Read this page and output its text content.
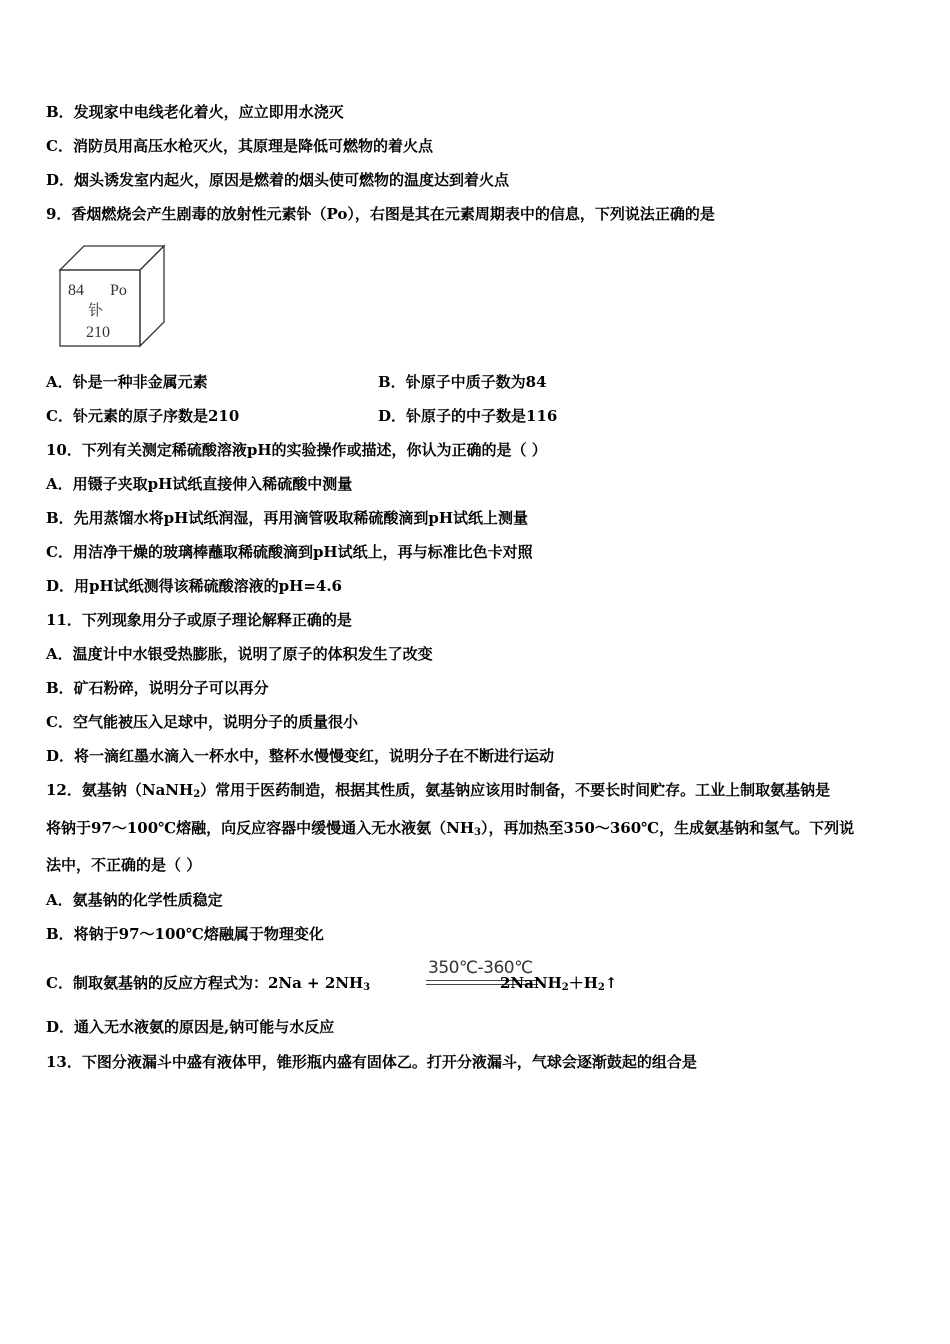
B．发现家中电线老化着火，应立即用水浇灭
C．消防员用高压水枪灭火，其原理是降低可燃物的着火点
D．烟头诱发室内起火，原因是燃着的烟头使可燃物的温度达到着火点
9．香烟燃烧会产生剧毒的放射性元素钋（Po），右图是其在元素周期表中的信息，下列说法正确的是
84 Po
钋
210
A．钋是一种非金属元素	B．钋原子中质子数为84
C．钋元素的原子序数是210	D．钋原子的中子数是116
10．下列有关测定稀硫酸溶液pH的实验操作或描述，你认为正确的是（ ）
A．用镊子夹取pH试纸直接伸入稀硫酸中测量
B．先用蒸馏水将pH试纸润湿，再用滴管吸取稀硫酸滴到pH试纸上测量
C．用洁净干燥的玻璃棒蘸取稀硫酸滴到pH试纸上，再与标准比色卡对照
D．用pH试纸测得该稀硫酸溶液的pH=4.6
11．下列现象用分子或原子理论解释正确的是
A．温度计中水银受热膨胀，说明了原子的体积发生了改变
B．矿石粉碎，说明分子可以再分
C．空气能被压入足球中，说明分子的质量很小
D．将一滴红墨水滴入一杯水中，整杯水慢慢变红，说明分子在不断进行运动
12．氨基钠（NaNH$_2$）常用于医药制造，根据其性质，氨基钠应该用时制备，不要长时间贮存。工业上制取氨基钠是
将钠于97～100℃熔融，向反应容器中缓慢通入无水液氨$(NH_3)$，再加热至350～360℃，生成氨基钠和氢气。下列说
法中，不正确的是（ ）
A．氨基钠的化学性质稳定
B．将钠于97～100℃熔融属于物理变化
C．制取氨基钠的反应方程式为：$2Na + 2NH_3$
350℃-360℃
$2NaNH_2+H_2↑$
D．通入无水液氨的原因是,钠可能与水反应
13．下图分液漏斗中盛有液体甲，锥形瓶内盛有固体乙。打开分液漏斗，气球会逐渐鼓起的组合是
